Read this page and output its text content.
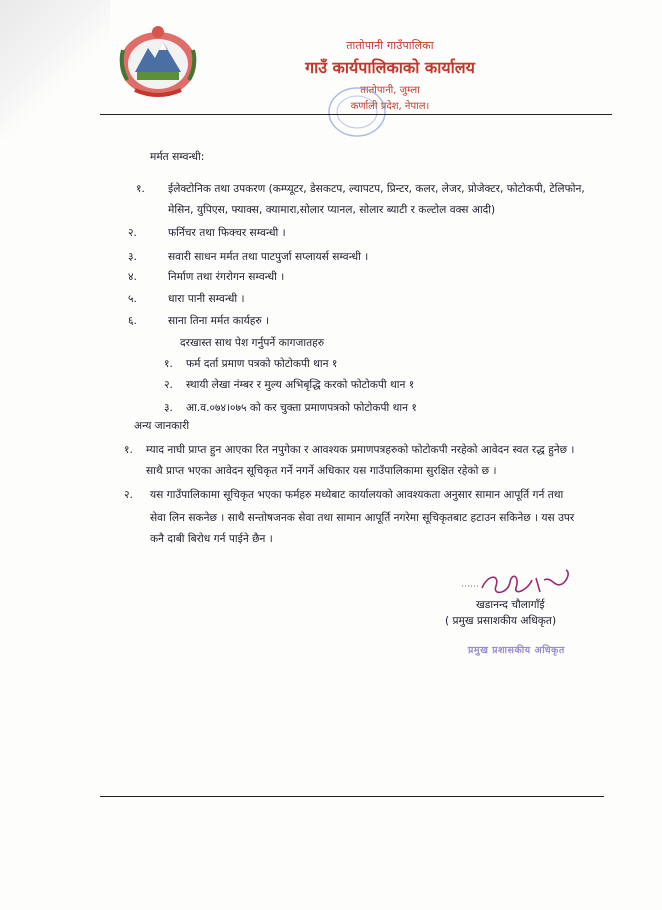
तातोपानी गाउँपालिका
गाउँ कार्यपालिकाको कार्यालय
तातोपानी, जुम्ला
कर्णाली प्रदेश, नेपाल।
मर्मत सम्वन्धी:
१. ईलेक्टोनिक तथा उपकरण (कम्प्यूटर, डेसकटप, ल्यापटप, प्रिन्टर, कलर, लेजर, प्रोजेक्टर, फोटोकपी, टेलिफोन,
मेसिन, युपिएस, फ्याक्स, क्यामारा,सोलार प्यानल, सोलार ब्याटी र कल्टोल वक्स आदी)
२.	फर्निचर तथा फिक्चर सम्वन्धी ।
३.	सवारी साधन मर्मत तथा पाटपुर्जा सप्लायर्स सम्वन्धी ।
४.	निर्माण तथा रंगरोगन सम्वन्धी ।
५.	धारा पानी सम्वन्धी ।
६.	साना तिना मर्मत कार्यहरु ।
दरखास्त साथ पेश गर्नुपर्ने कागजातहरु
१. फर्म दर्ता प्रमाण पत्रको फोटोकपी थान १
२. स्थायी लेखा नंम्बर र मुल्य अभिबृद्धि करको फोटोकपी थान १
३. आ.व.०७४।०७५ को कर चुक्ता प्रमाणपत्रको फोटोकपी थान १
अन्य जानकारी
१. म्याद नाघी प्राप्त हुन आएका रित नपुगेका र आवश्यक प्रमाणपत्रहरुको फोटोकपी नरहेको आवेदन स्वत रद्ध हुनेछ ।
साथै प्राप्त भएका आवेदन सूचिकृत गर्ने नगर्ने अधिकार यस गाउँपालिकामा सुरक्षित रहेको छ ।
२. यस गाउँपालिकामा सूचिकृत भएका फर्महरु मध्येबाट कार्यालयको आवश्यकता अनुसार सामान आपूर्ति गर्न तथा
सेवा लिन सकनेछ । साथै सन्तोषजनक सेवा तथा सामान आपूर्ति नगरेमा सूचिकृतबाट हटाउन सकिनेछ । यस उपर
कनै दाबी बिरोध गर्न पाईने छैन ।
खडानन्द चौलागाँई
( प्रमुख प्रसाशकीय अधिकृत)
प्रमुख प्रशासकीय अधिकृत
